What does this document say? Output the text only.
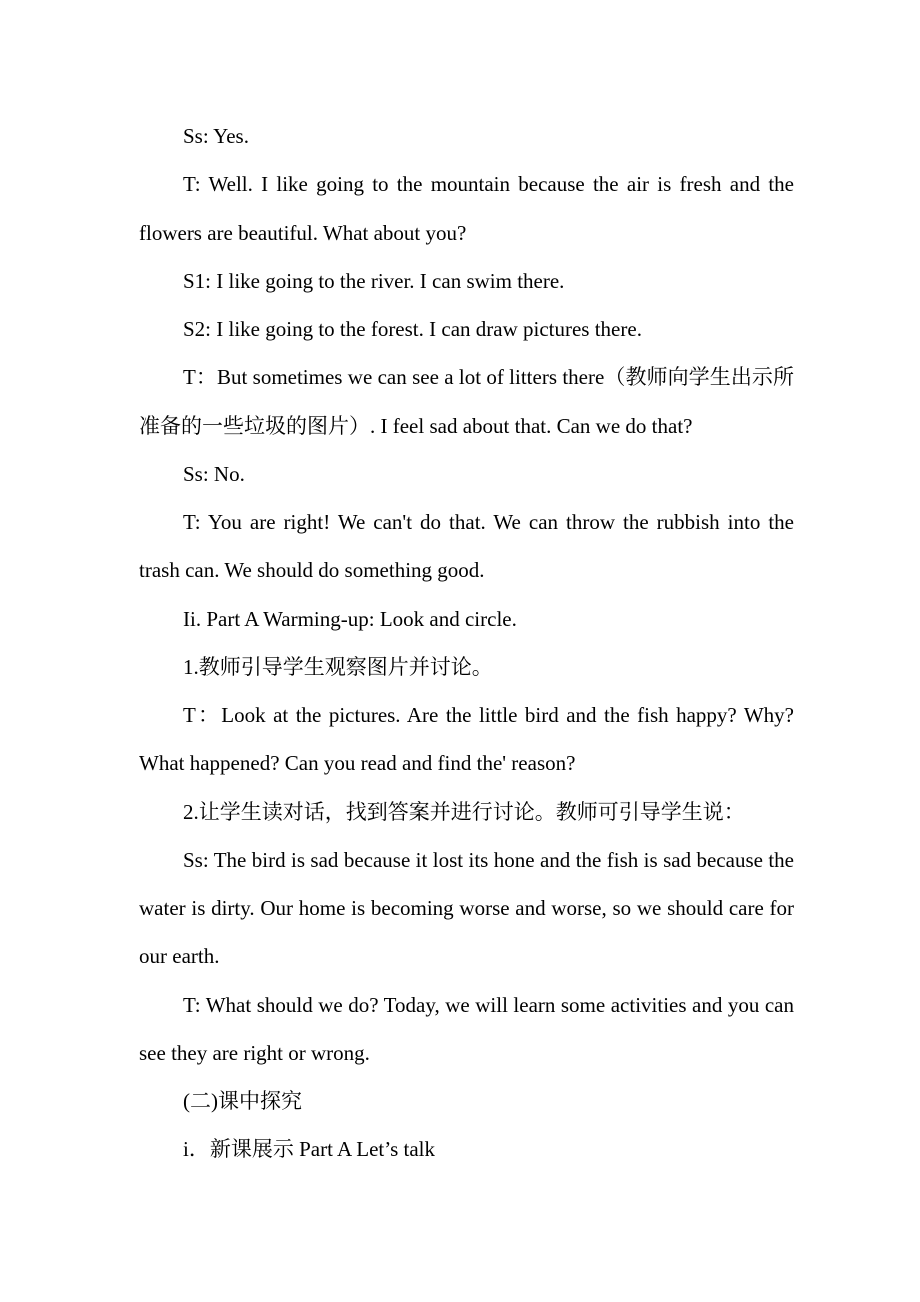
Ss: Yes.

T: Well. I like going to the mountain because the air is fresh and the flowers are beautiful. What about you?

S1: I like going to the river. I can swim there.

S2: I like going to the forest. I can draw pictures there.

T：But sometimes we can see a lot of litters there（教师向学生出示所准备的一些垃圾的图片）. I feel sad about that. Can we do that?

Ss: No.

T: You are right! We can't do that. We can throw the rubbish into the trash can. We should do something good.

Ii. Part A Warming-up: Look and circle.

1.教师引导学生观察图片并讨论。

T：Look at the pictures. Are the little bird and the fish happy? Why? What happened? Can you read and find the' reason?

2.让学生读对话，找到答案并进行讨论。教师可引导学生说：

Ss: The bird is sad because it lost its hone and the fish is sad because the water is dirty. Our home is becoming worse and worse, so we should care for our earth.

T: What should we do? Today, we will learn some activities and you can see they are right or wrong.

(二)课中探究

i．新课展示 Part A Let’s talk
